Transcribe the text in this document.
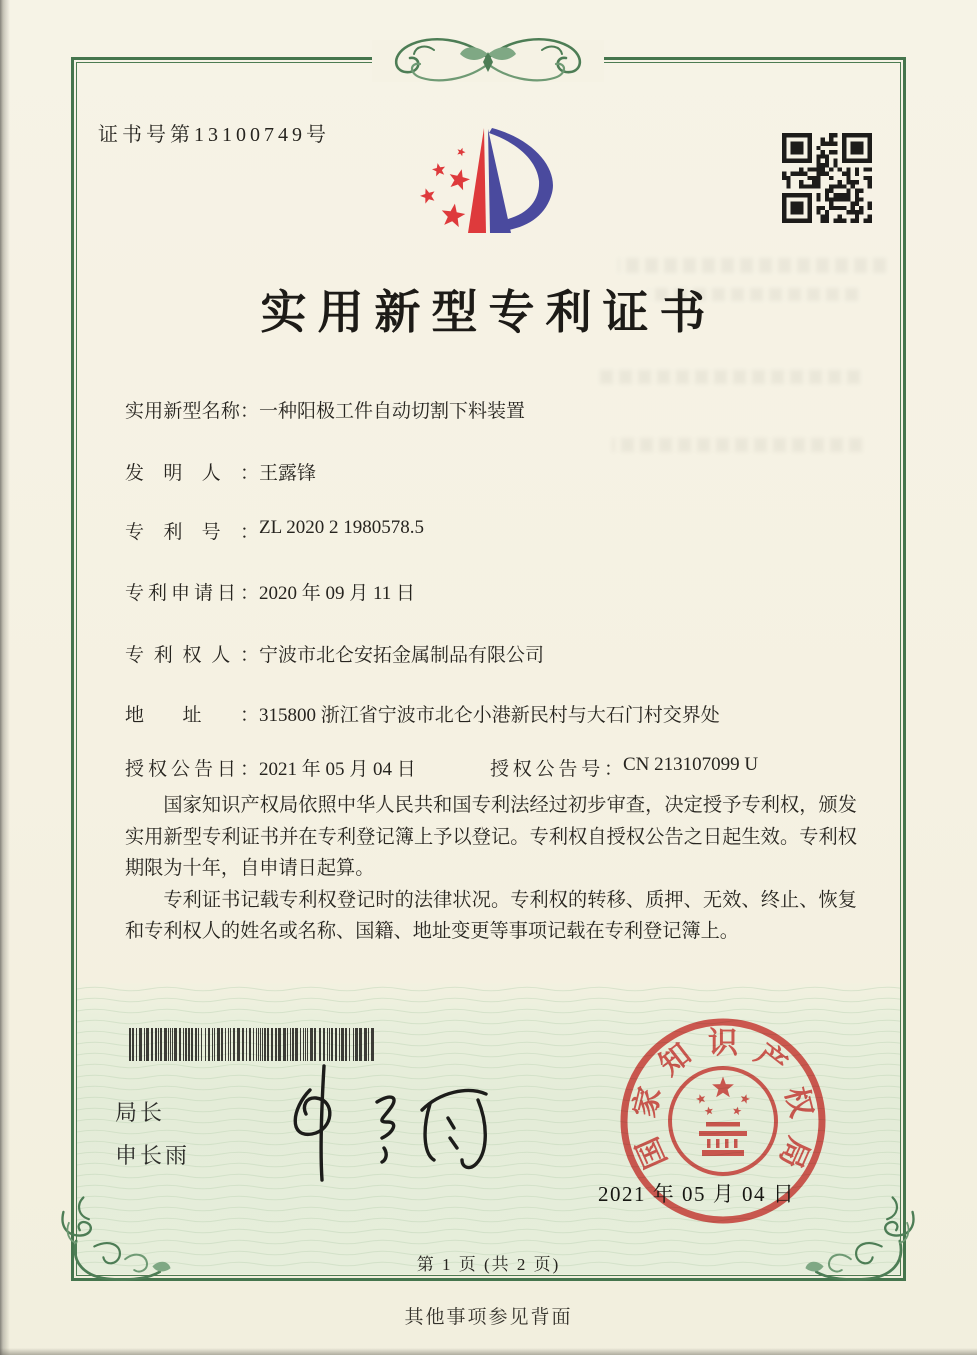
证书号第13100749号
实用新型专利证书
实用新型名称：一种阳极工件自动切割下料装置
发明人：王露锋
专利号：ZL 2020 2 1980578.5
专利申请日：2020 年 09 月 11 日
专利权人：宁波市北仑安拓金属制品有限公司
地址：315800 浙江省宁波市北仑小港新民村与大石门村交界处
授权公告日：2021 年 05 月 04 日	授权公告号：CN 213107099 U

国家知识产权局依照中华人民共和国专利法经过初步审查，决定授予专利权，颁发实用新型专利证书并在专利登记簿上予以登记。专利权自授权公告之日起生效。专利权期限为十年，自申请日起算。

专利证书记载专利权登记时的法律状况。专利权的转移、质押、无效、终止、恢复和专利权人的姓名或名称、国籍、地址变更等事项记载在专利登记簿上。

局长
申长雨	国
家
知 识 产
权
局
2021 年 05 月 04 日
第 1 页 (共 2 页)
其他事项参见背面
